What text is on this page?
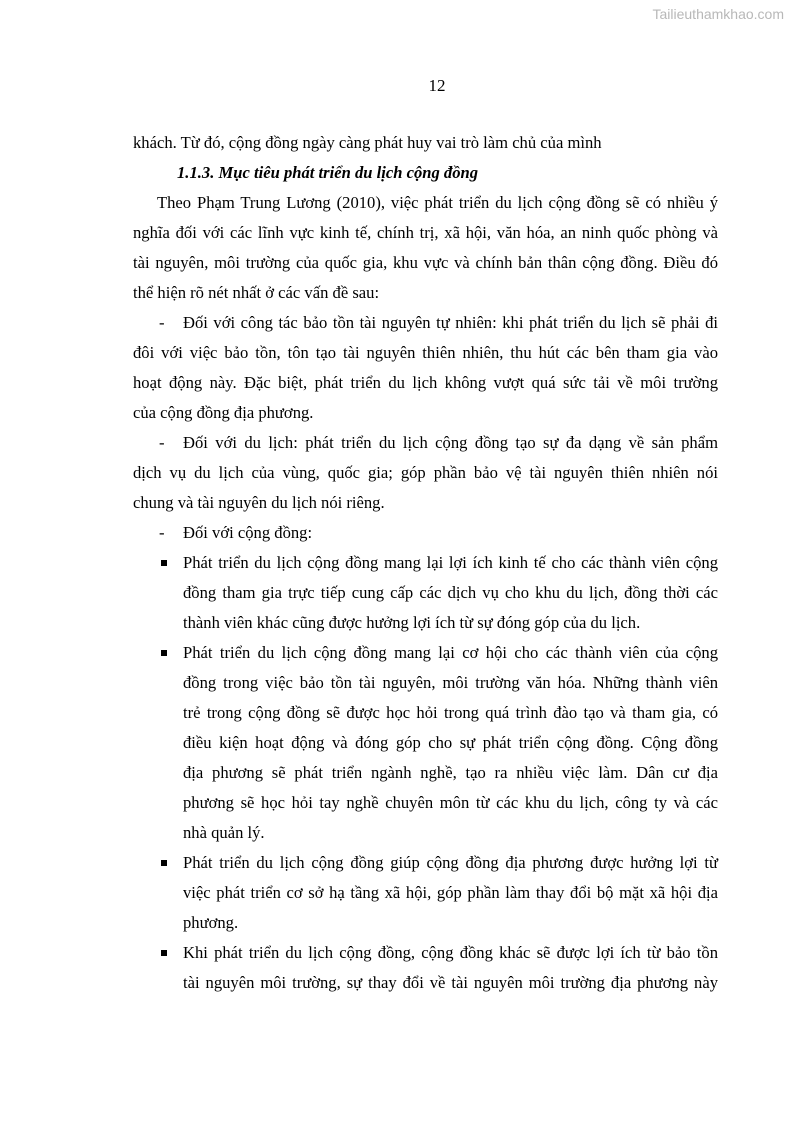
Tailieuthamkhao.com
12
khách. Từ đó, cộng đồng ngày càng phát huy vai trò làm chủ của mình
1.1.3. Mục tiêu phát triển du lịch cộng đồng
Theo Phạm Trung Lương (2010), việc phát triển du lịch cộng đồng sẽ có nhiều ý
nghĩa đối với các lĩnh vực kinh tế, chính trị, xã hội, văn hóa, an ninh quốc phòng và
tài nguyên, môi trường của quốc gia, khu vực và chính bản thân cộng đồng. Điều đó
thể hiện rõ nét nhất ở các vấn đề sau:
-	Đối với công tác bảo tồn tài nguyên tự nhiên: khi phát triển du lịch sẽ phải đi
đôi với việc bảo tồn, tôn tạo tài nguyên thiên nhiên, thu hút các bên tham gia vào
hoạt động này. Đặc biệt, phát triển du lịch không vượt quá sức tải về môi trường
của cộng đồng địa phương.
-	Đối với du lịch: phát triển du lịch cộng đồng tạo sự đa dạng về sản phẩm
dịch vụ du lịch của vùng, quốc gia; góp phần bảo vệ tài nguyên thiên nhiên nói
chung và tài nguyên du lịch nói riêng.
-	Đối với cộng đồng:
Phát triển du lịch cộng đồng mang lại lợi ích kinh tế cho các thành viên cộng
đồng tham gia trực tiếp cung cấp các dịch vụ cho khu du lịch, đồng thời các
thành viên khác cũng được hưởng lợi ích từ sự đóng góp của du lịch.
Phát triển du lịch cộng đồng mang lại cơ hội cho các thành viên của cộng
đồng trong việc bảo tồn tài nguyên, môi trường văn hóa. Những thành viên
trẻ trong cộng đồng sẽ được học hỏi trong quá trình đào tạo và tham gia, có
điều kiện hoạt động và đóng góp cho sự phát triển cộng đồng. Cộng đồng
địa phương sẽ phát triển ngành nghề, tạo ra nhiều việc làm. Dân cư địa
phương sẽ học hỏi tay nghề chuyên môn từ các khu du lịch, công ty và các
nhà quản lý.
Phát triển du lịch cộng đồng giúp cộng đồng địa phương được hưởng lợi từ
việc phát triển cơ sở hạ tầng xã hội, góp phần làm thay đổi bộ mặt xã hội địa
phương.
Khi phát triển du lịch cộng đồng, cộng đồng khác sẽ được lợi ích từ bảo tồn
tài nguyên môi trường, sự thay đổi về tài nguyên môi trường địa phương này
